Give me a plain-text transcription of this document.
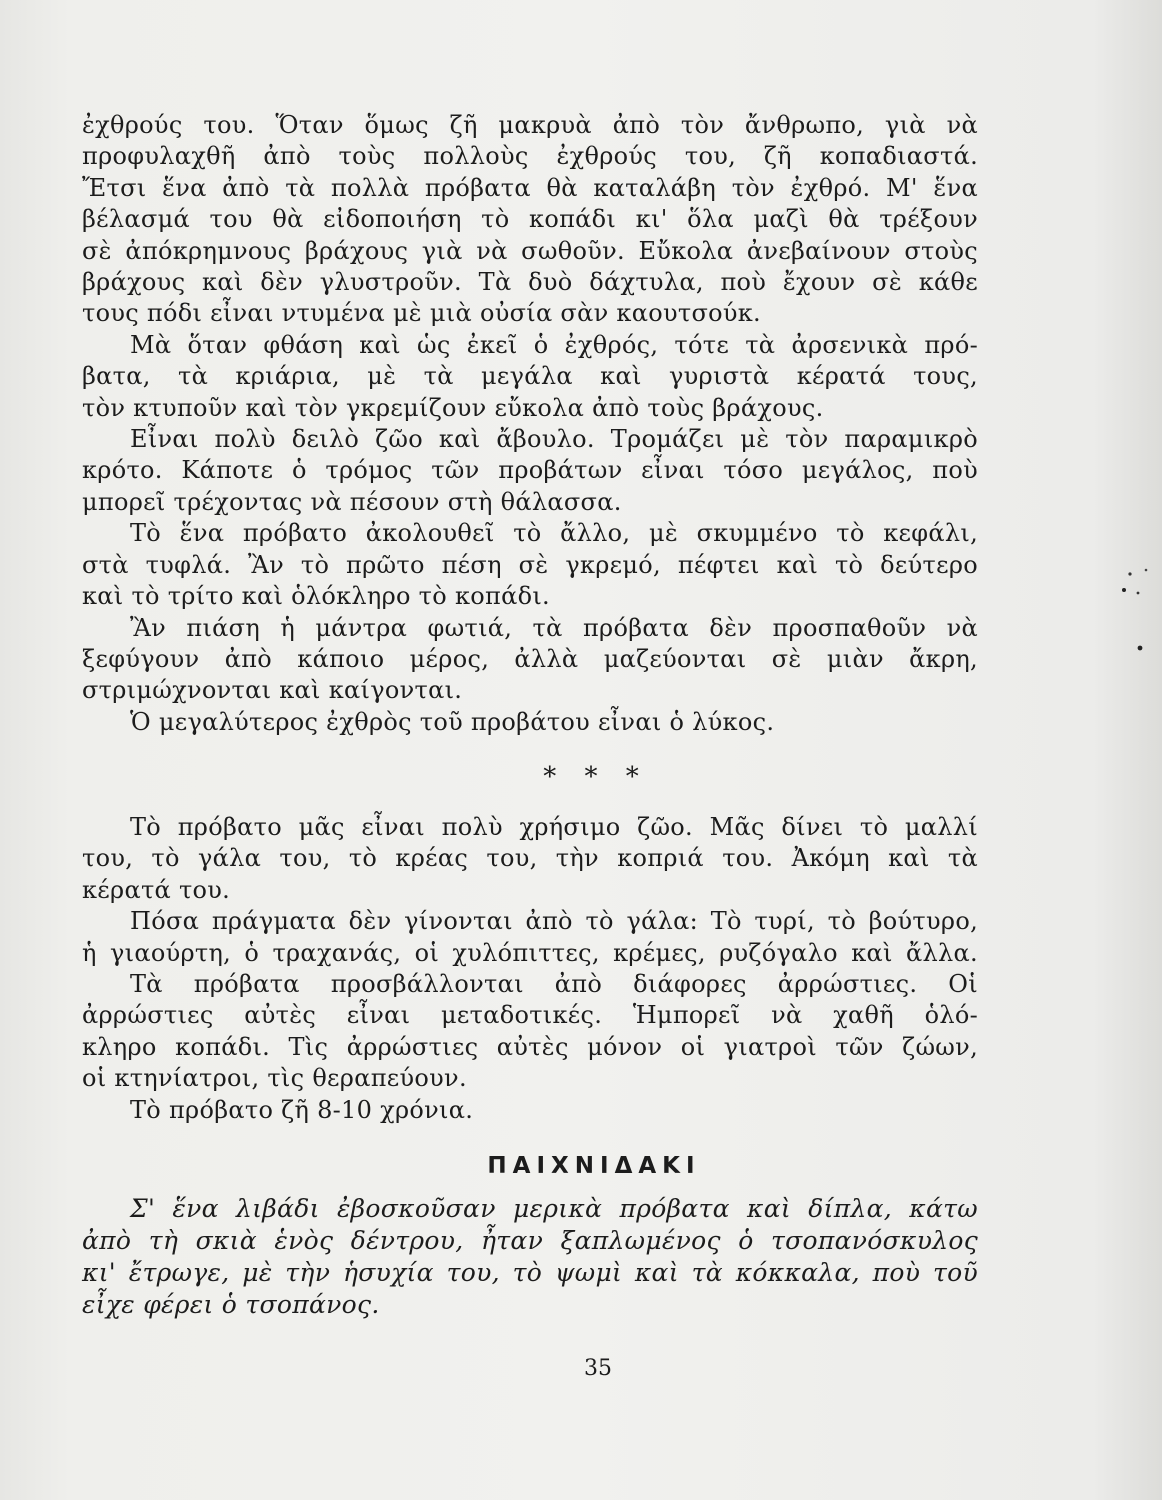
ἐχθρούς του. Ὅταν ὅμως ζῆ μακρυὰ ἀπὸ τὸν ἄνθρωπο, γιὰ νὰ
προφυλαχθῆ ἀπὸ τοὺς πολλοὺς ἐχθρούς του, ζῆ κοπαδιαστά.
Ἔτσι ἕνα ἀπὸ τὰ πολλὰ πρόβατα θὰ καταλάβη τὸν ἐχθρό. Μ' ἕνα
βέλασμά του θὰ εἰδοποιήση τὸ κοπάδι κι' ὅλα μαζὶ θὰ τρέξουν
σὲ ἀπόκρημνους βράχους γιὰ νὰ σωθοῦν. Εὔκολα ἀνεβαίνουν στοὺς
βράχους καὶ δὲν γλυστροῦν. Τὰ δυὸ δάχτυλα, ποὺ ἔχουν σὲ κάθε
τους πόδι εἶναι ντυμένα μὲ μιὰ οὐσία σὰν καουτσούκ.
Μὰ ὅταν φθάση καὶ ὡς ἐκεῖ ὁ ἐχθρός, τότε τὰ ἀρσενικὰ πρό-
βατα, τὰ κριάρια, μὲ τὰ μεγάλα καὶ γυριστὰ κέρατά τους,
τὸν κτυποῦν καὶ τὸν γκρεμίζουν εὔκολα ἀπὸ τοὺς βράχους.
Εἶναι πολὺ δειλὸ ζῶο καὶ ἄβουλο. Τρομάζει μὲ τὸν παραμικρὸ
κρότο. Κάποτε ὁ τρόμος τῶν προβάτων εἶναι τόσο μεγάλος, ποὺ
μπορεῖ τρέχοντας νὰ πέσουν στὴ θάλασσα.
Τὸ ἕνα πρόβατο ἀκολουθεῖ τὸ ἄλλο, μὲ σκυμμένο τὸ κεφάλι,
στὰ τυφλά. Ἂν τὸ πρῶτο πέση σὲ γκρεμό, πέφτει καὶ τὸ δεύτερο
καὶ τὸ τρίτο καὶ ὁλόκληρο τὸ κοπάδι.
Ἂν πιάση ἡ μάντρα φωτιά, τὰ πρόβατα δὲν προσπαθοῦν νὰ
ξεφύγουν ἀπὸ κάποιο μέρος, ἀλλὰ μαζεύονται σὲ μιὰν ἄκρη,
στριμώχνονται καὶ καίγονται.
Ὁ μεγαλύτερος ἐχθρὸς τοῦ προβάτου εἶναι ὁ λύκος.
* * *
Τὸ πρόβατο μᾶς εἶναι πολὺ χρήσιμο ζῶο. Μᾶς δίνει τὸ μαλλί
του, τὸ γάλα του, τὸ κρέας του, τὴν κοπριά του. Ἀκόμη καὶ τὰ
κέρατά του.
Πόσα πράγματα δὲν γίνονται ἀπὸ τὸ γάλα: Τὸ τυρί, τὸ βούτυρο,
ἡ γιαούρτη, ὁ τραχανάς, οἱ χυλόπιττες, κρέμες, ρυζόγαλο καὶ ἄλλα.
Τὰ πρόβατα προσβάλλονται ἀπὸ διάφορες ἀρρώστιες. Οἱ
ἀρρώστιες αὐτὲς εἶναι μεταδοτικές. Ἡμπορεῖ νὰ χαθῆ ὁλό-
κληρο κοπάδι. Τὶς ἀρρώστιες αὐτὲς μόνον οἱ γιατροὶ τῶν ζώων,
οἱ κτηνίατροι, τὶς θεραπεύουν.
Τὸ πρόβατο ζῆ 8-10 χρόνια.
ΠΑΙΧΝΙΔΑΚΙ
Σ' ἕνα λιβάδι ἐβοσκοῦσαν μερικὰ πρόβατα καὶ δίπλα, κάτω
ἀπὸ τὴ σκιὰ ἑνὸς δέντρου, ἦταν ξαπλωμένος ὁ τσοπανόσκυλος
κι' ἔτρωγε, μὲ τὴν ἡσυχία του, τὸ ψωμὶ καὶ τὰ κόκκαλα, ποὺ τοῦ
εἶχε φέρει ὁ τσοπάνος.
35
